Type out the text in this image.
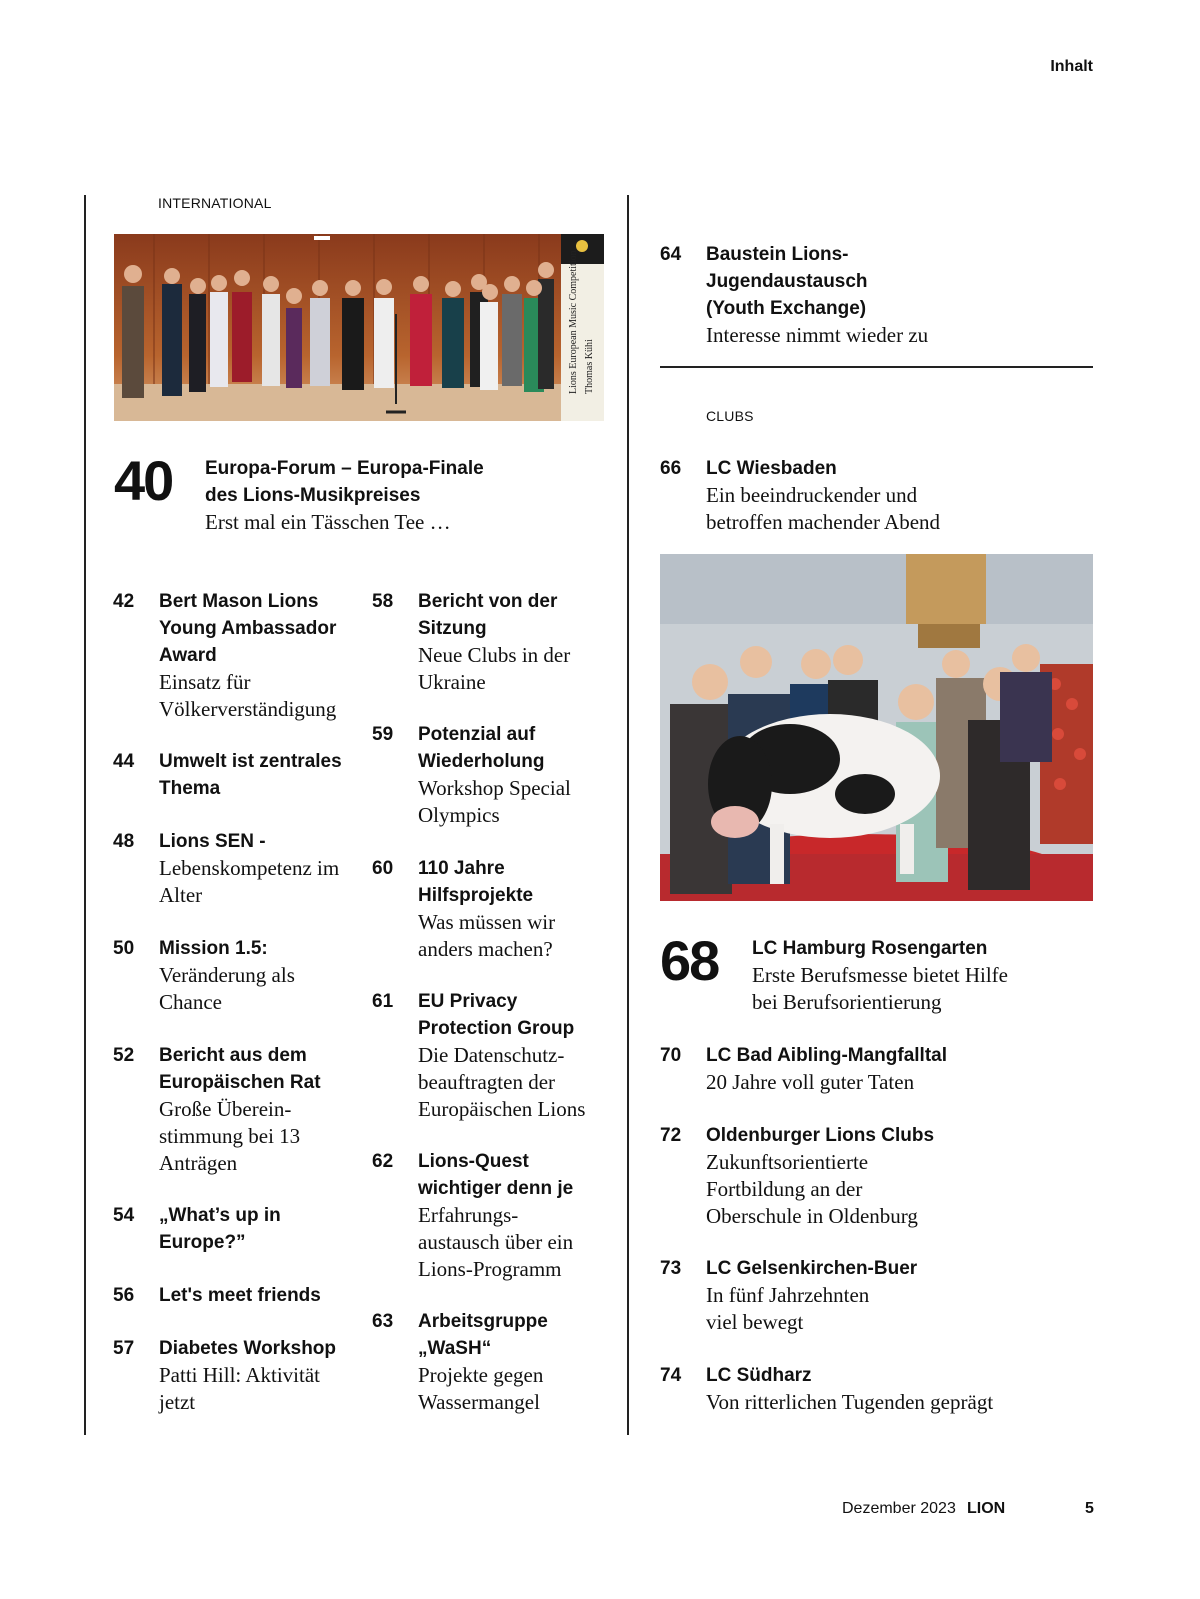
Inhalt
INTERNATIONAL
Lions European Music Competition Thomas Kühi
40 Europa-Forum – Europa-Finale
des Lions-Musikpreises
Erst mal ein Tässchen Tee …
42 Bert Mason Lions
Young Ambassador
Award
Einsatz für
Völkerverständigung
44 Umwelt ist zentrales
Thema
48 Lions SEN -
Lebenskompetenz im
Alter
50 Mission 1.5:
Veränderung als
Chance
52 Bericht aus dem
Europäischen Rat
Große Überein-
stimmung bei 13
Anträgen
54 „What’s up in
Europe?”
56 Let's meet friends
57 Diabetes Workshop
Patti Hill: Aktivität
jetzt
58 Bericht von der
Sitzung
Neue Clubs in der
Ukraine
59 Potenzial auf
Wiederholung
Workshop Special
Olympics
60 110 Jahre
Hilfsprojekte
Was müssen wir
anders machen?
61 EU Privacy
Protection Group
Die Datenschutz-
beauftragten der
Europäischen Lions
62 Lions-Quest
wichtiger denn je
Erfahrungs-
austausch über ein
Lions-Programm
63 Arbeitsgruppe
„WaSH“
Projekte gegen
Wassermangel
64 Baustein Lions-
Jugendaustausch
(Youth Exchange)
Interesse nimmt wieder zu
CLUBS
66 LC Wiesbaden
Ein beeindruckender und
betroffen machender Abend
68 LC Hamburg Rosengarten
Erste Berufsmesse bietet Hilfe
bei Berufsorientierung
70 LC Bad Aibling-Mangfalltal
20 Jahre voll guter Taten
72 Oldenburger Lions Clubs
Zukunftsorientierte
Fortbildung an der
Oberschule in Oldenburg
73 LC Gelsenkirchen-Buer
In fünf Jahrzehnten
viel bewegt
74 LC Südharz
Von ritterlichen Tugenden geprägt
Dezember 2023 LION	5
